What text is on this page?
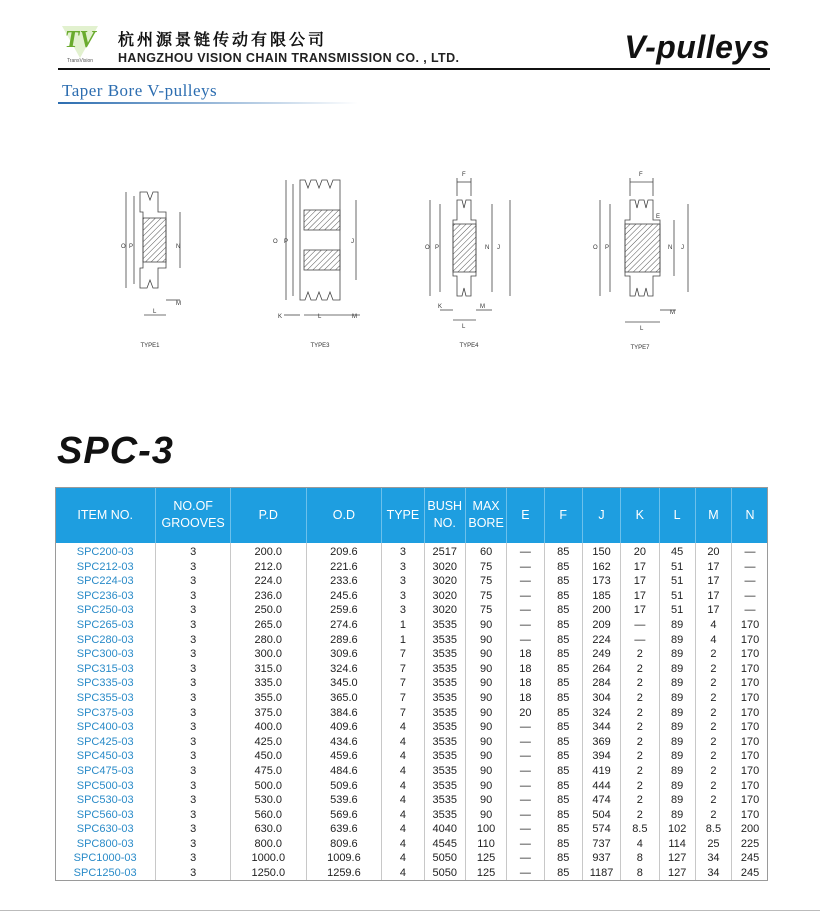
TV
TransVision
杭州源景链传动有限公司
HANGZHOU VISION CHAIN TRANSMISSION CO. , LTD.	V-pulleys
Taper Bore V-pulleys
O P	N
L
M
O P	J
K	L	M
F
O P	N J
K
L
M
F
O P
E
N J
L
M
TYPE1	TYPE3	TYPE4	TYPE7
SPC-3
ITEM NO.	NO.OF
GROOVES	P.D	O.D	TYPE	BUSH
NO.	MAX
BORE	E	F	J	K	L	M	N
SPC200-03	3	200.0	209.6	3	2517	60	—	85	150	20	45	20	—
SPC212-03	3	212.0	221.6	3	3020	75	—	85	162	17	51	17	—
SPC224-03	3	224.0	233.6	3	3020	75	—	85	173	17	51	17	—
SPC236-03	3	236.0	245.6	3	3020	75	—	85	185	17	51	17	—
SPC250-03	3	250.0	259.6	3	3020	75	—	85	200	17	51	17	—
SPC265-03	3	265.0	274.6	1	3535	90	—	85	209	—	89	4	170
SPC280-03	3	280.0	289.6	1	3535	90	—	85	224	—	89	4	170
SPC300-03	3	300.0	309.6	7	3535	90	18	85	249	2	89	2	170
SPC315-03	3	315.0	324.6	7	3535	90	18	85	264	2	89	2	170
SPC335-03	3	335.0	345.0	7	3535	90	18	85	284	2	89	2	170
SPC355-03	3	355.0	365.0	7	3535	90	18	85	304	2	89	2	170
SPC375-03	3	375.0	384.6	7	3535	90	20	85	324	2	89	2	170
SPC400-03	3	400.0	409.6	4	3535	90	—	85	344	2	89	2	170
SPC425-03	3	425.0	434.6	4	3535	90	—	85	369	2	89	2	170
SPC450-03	3	450.0	459.6	4	3535	90	—	85	394	2	89	2	170
SPC475-03	3	475.0	484.6	4	3535	90	—	85	419	2	89	2	170
SPC500-03	3	500.0	509.6	4	3535	90	—	85	444	2	89	2	170
SPC530-03	3	530.0	539.6	4	3535	90	—	85	474	2	89	2	170
SPC560-03	3	560.0	569.6	4	3535	90	—	85	504	2	89	2	170
SPC630-03	3	630.0	639.6	4	4040	100	—	85	574	8.5	102	8.5	200
SPC800-03	3	800.0	809.6	4	4545	110	—	85	737	4	114	25	225
SPC1000-03	3	1000.0	1009.6	4	5050	125	—	85	937	8	127	34	245
SPC1250-03	3	1250.0	1259.6	4	5050	125	—	85	1187	8	127	34	245
